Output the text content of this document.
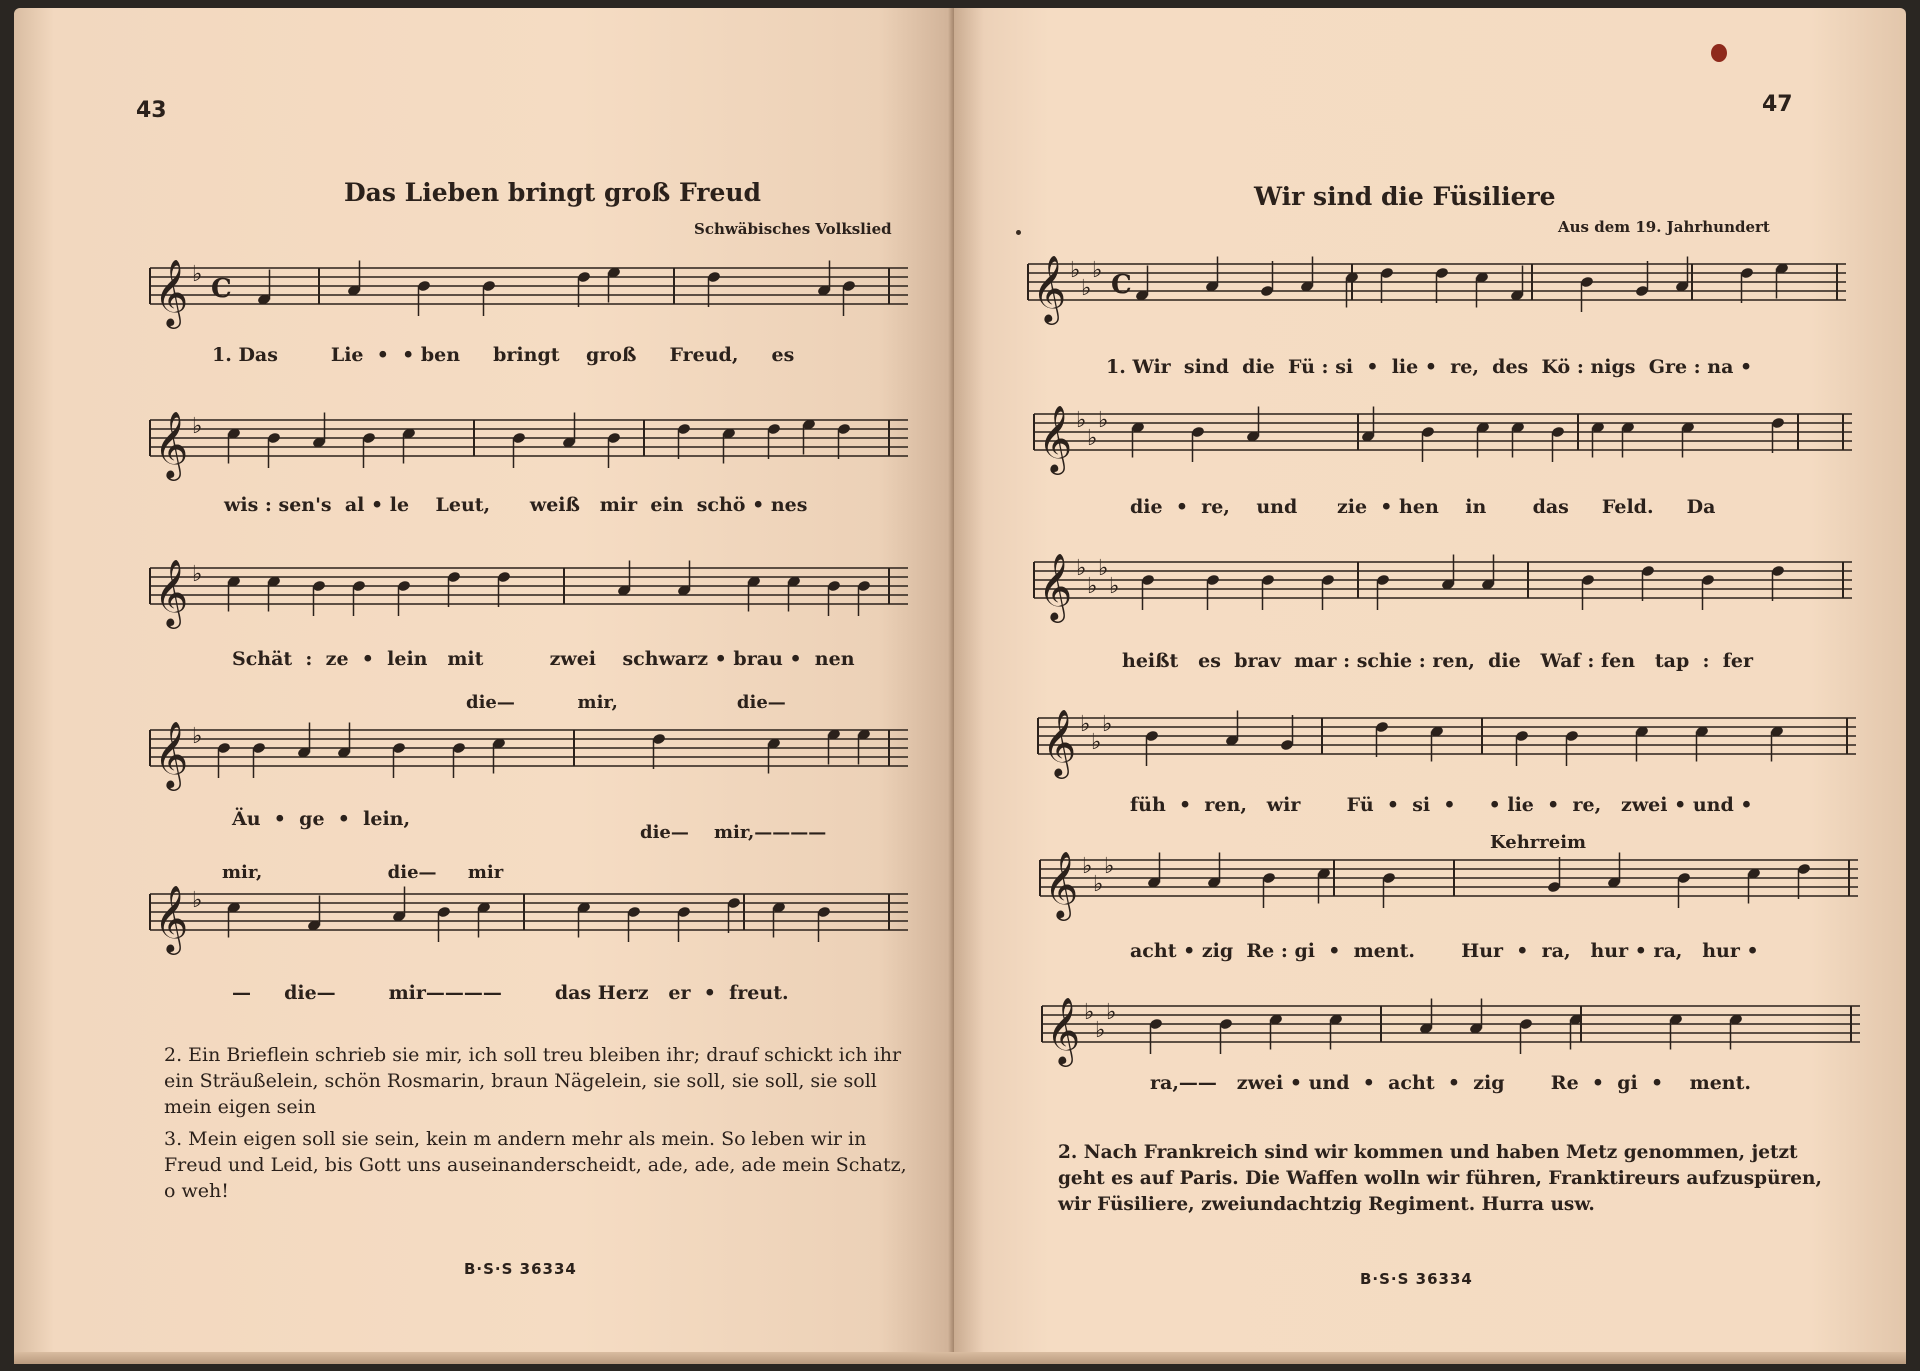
43
Das Lieben bringt groß Freud
Schwäbisches Volkslied
𝄞 ♭ C
1. Das        Lie  •  • ben     bringt    groß     Freud,     es
𝄞 ♭
wis : sen's  al • le    Leut,      weiß   mir  ein  schö • nes
𝄞 ♭
Schät  :  ze  •  lein   mit          zwei    schwarz • brau •  nen
die—          mir,                   die—
𝄞 ♭
Äu  •  ge  •  lein,
die—    mir,————
mir,                    die—     mir
𝄞 ♭
—     die—        mir————        das Herz   er  •  freut.
2. Ein Brieflein schrieb sie mir, ich soll treu bleiben ihr; drauf schickt ich ihr ein Sträußelein, schön Rosmarin, braun Nägelein, sie soll, sie soll, sie soll mein eigen sein
3. Mein eigen soll sie sein, kein m andern mehr als mein. So leben wir in Freud und Leid, bis Gott uns auseinanderscheidt, ade, ade, ade mein Schatz, o weh!
B·S·S 36334
47
Wir sind die Füsiliere
Aus dem 19. Jahrhundert
𝄞 ♭
♭
♭ C
1. Wir  sind  die  Fü : si  •  lie •  re,  des  Kö : nigs  Gre : na •
𝄞 ♭
♭
♭
die  •  re,    und      zie  • hen    in       das     Feld.     Da
𝄞 ♭
♭
♭
♭
heißt   es  brav  mar : schie : ren,  die   Waf : fen   tap  :  fer
𝄞 ♭
♭
♭
füh  •  ren,   wir       Fü  •  si  •     • lie  •  re,   zwei • und •
Kehrreim
𝄞 ♭
♭
♭
acht • zig  Re : gi  •  ment.       Hur  •  ra,   hur • ra,   hur •
𝄞 ♭
♭
♭
ra,——   zwei • und  •  acht  •  zig       Re  •  gi  •    ment.
2. Nach Frankreich sind wir kommen und haben Metz genommen, jetzt geht es auf Paris. Die Waffen wolln wir führen, Franktireurs aufzuspüren, wir Füsiliere, zweiundachtzig Regiment. Hurra usw.
B·S·S 36334
